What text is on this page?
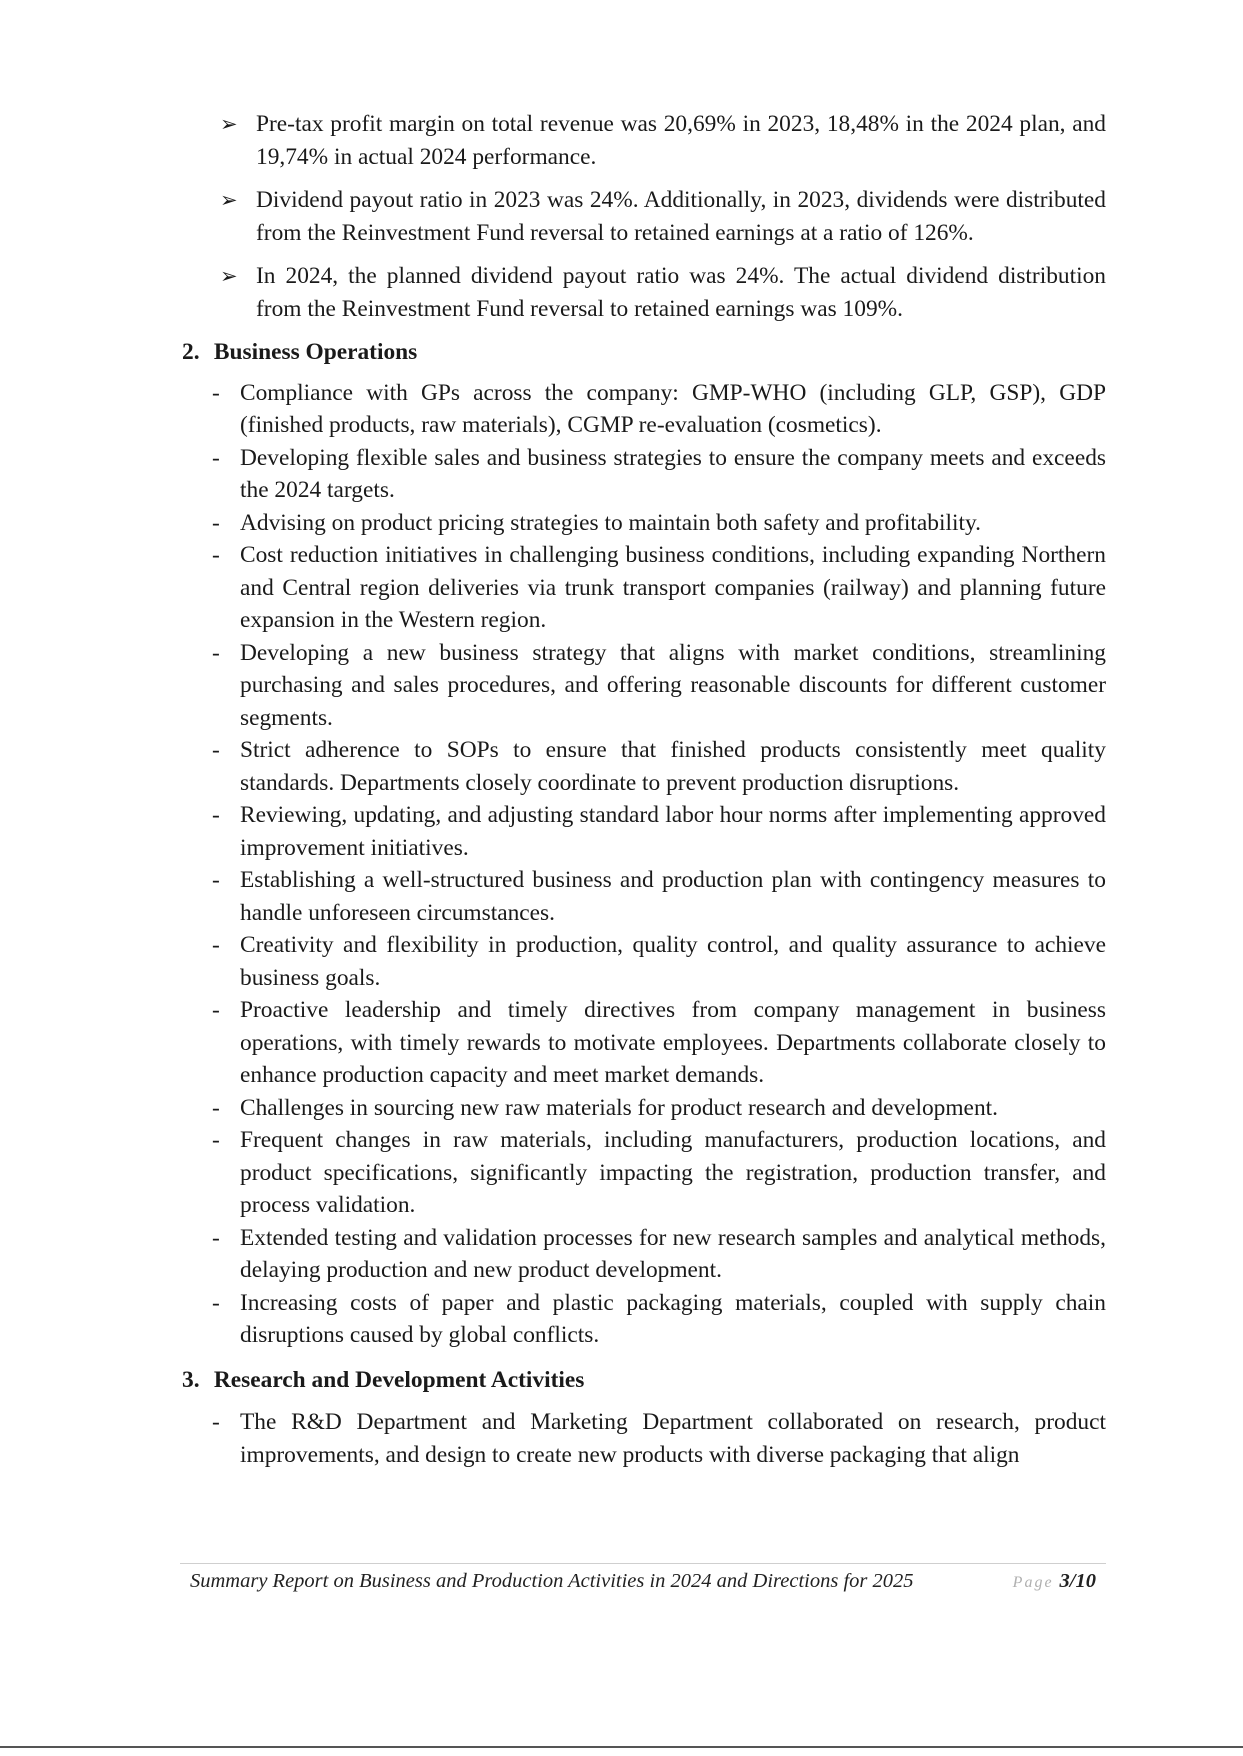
➢ Pre-tax profit margin on total revenue was 20,69% in 2023, 18,48% in the 2024 plan, and 19,74% in actual 2024 performance.
➢ Dividend payout ratio in 2023 was 24%. Additionally, in 2023, dividends were distributed from the Reinvestment Fund reversal to retained earnings at a ratio of 126%.
➢ In 2024, the planned dividend payout ratio was 24%. The actual dividend distribution from the Reinvestment Fund reversal to retained earnings was 109%.
2. Business Operations
- Compliance with GPs across the company: GMP-WHO (including GLP, GSP), GDP (finished products, raw materials), CGMP re-evaluation (cosmetics).
- Developing flexible sales and business strategies to ensure the company meets and exceeds the 2024 targets.
- Advising on product pricing strategies to maintain both safety and profitability.
- Cost reduction initiatives in challenging business conditions, including expanding Northern and Central region deliveries via trunk transport companies (railway) and planning future expansion in the Western region.
- Developing a new business strategy that aligns with market conditions, streamlining purchasing and sales procedures, and offering reasonable discounts for different customer segments.
- Strict adherence to SOPs to ensure that finished products consistently meet quality standards. Departments closely coordinate to prevent production disruptions.
- Reviewing, updating, and adjusting standard labor hour norms after implementing approved improvement initiatives.
- Establishing a well-structured business and production plan with contingency measures to handle unforeseen circumstances.
- Creativity and flexibility in production, quality control, and quality assurance to achieve business goals.
- Proactive leadership and timely directives from company management in business operations, with timely rewards to motivate employees. Departments collaborate closely to enhance production capacity and meet market demands.
- Challenges in sourcing new raw materials for product research and development.
- Frequent changes in raw materials, including manufacturers, production locations, and product specifications, significantly impacting the registration, production transfer, and process validation.
- Extended testing and validation processes for new research samples and analytical methods, delaying production and new product development.
- Increasing costs of paper and plastic packaging materials, coupled with supply chain disruptions caused by global conflicts.
3. Research and Development Activities
- The R&D Department and Marketing Department collaborated on research, product improvements, and design to create new products with diverse packaging that align
Summary Report on Business and Production Activities in 2024 and Directions for 2025	Page 3/10
